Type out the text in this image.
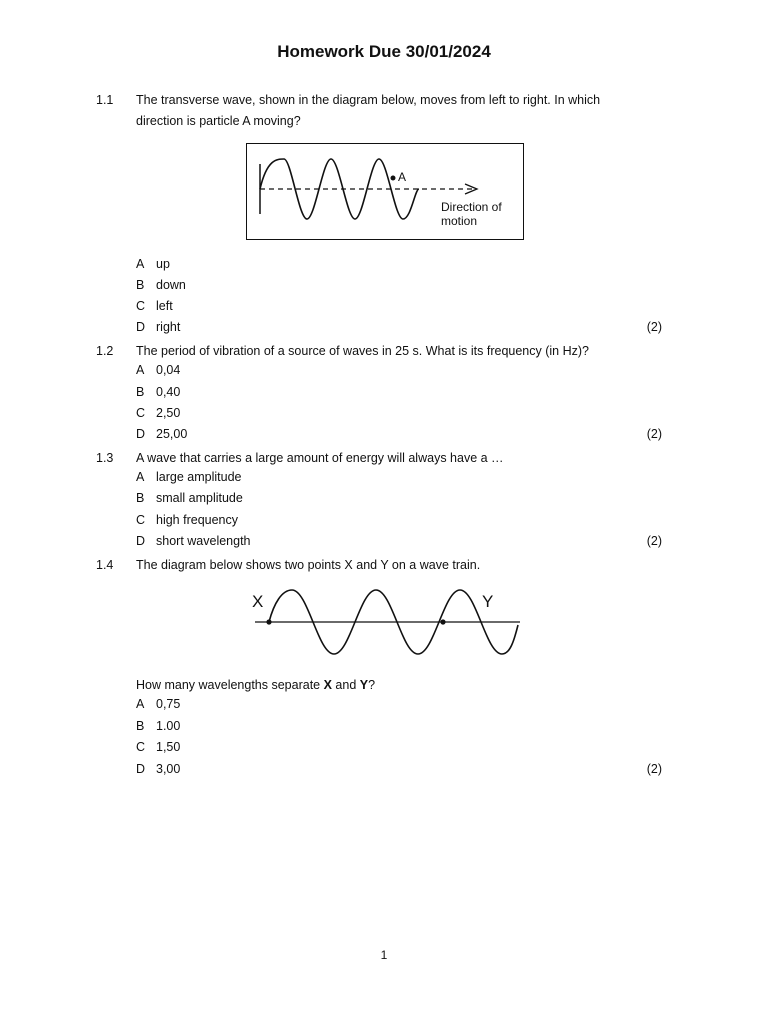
Homework Due 30/01/2024
1.1 The transverse wave, shown in the diagram below, moves from left to right. In which direction is particle A moving?
A
Direction of motion
A up
B down
C left
D right	(2)
1.2 The period of vibration of a source of waves in 25 s. What is its frequency (in Hz)?
A 0,04
B 0,40
C 2,50
D 25,00	(2)
1.3 A wave that carries a large amount of energy will always have a …
A large amplitude
B small amplitude
C high frequency
D short wavelength	(2)
1.4 The diagram below shows two points X and Y on a wave train.
X	Y
How many wavelengths separate X and Y?
A 0,75
B 1.00
C 1,50
D 3,00	(2)
1
